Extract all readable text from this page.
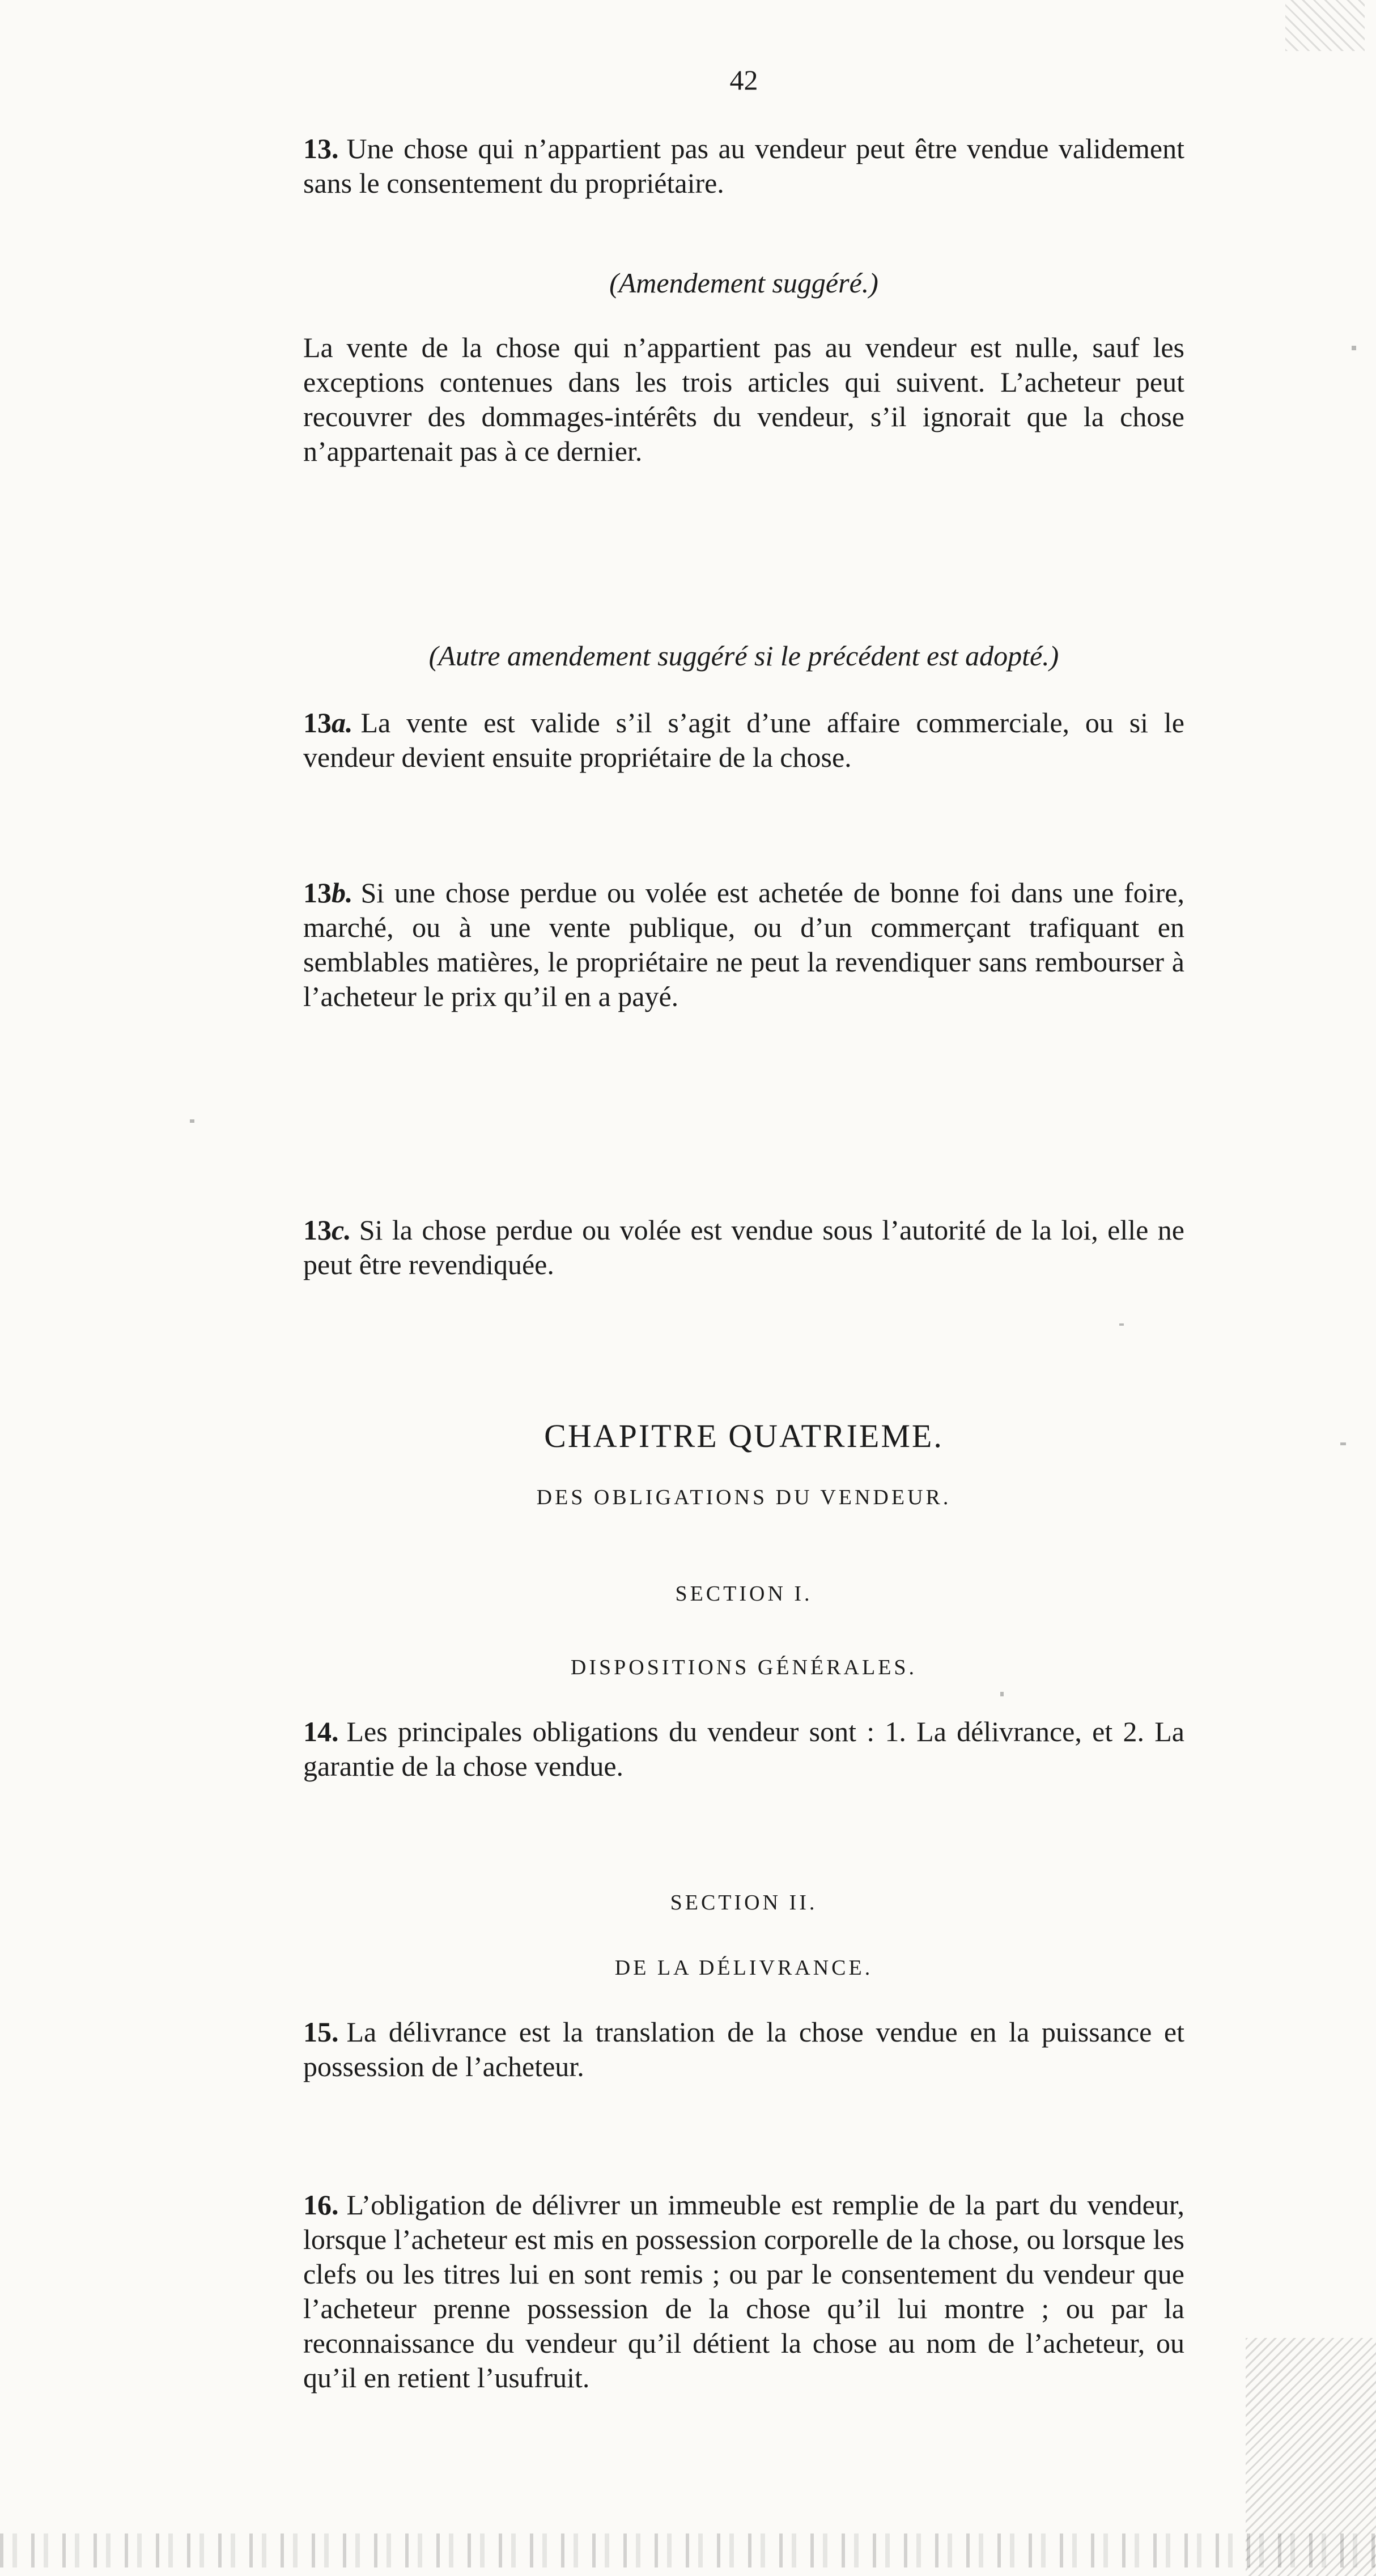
42

13. Une chose qui n’appartient pas au vendeur peut être vendue validement sans le consentement du propriétaire.

(Amendement suggéré.)

La vente de la chose qui n’appartient pas au vendeur est nulle, sauf les exceptions contenues dans les trois articles qui suivent. L’acheteur peut recouvrer des dommages-intérêts du vendeur, s’il ignorait que la chose n’appartenait pas à ce dernier.

(Autre amendement suggéré si le précédent est adopté.)

13a. La vente est valide s’il s’agit d’une affaire commerciale, ou si le vendeur devient ensuite propriétaire de la chose.

13b. Si une chose perdue ou volée est achetée de bonne foi dans une foire, marché, ou à une vente publique, ou d’un commerçant trafiquant en semblables matières, le propriétaire ne peut la revendiquer sans rembourser à l’acheteur le prix qu’il en a payé.

13c. Si la chose perdue ou volée est vendue sous l’autorité de la loi, elle ne peut être revendiquée.

CHAPITRE QUATRIEME.
DES OBLIGATIONS DU VENDEUR.
SECTION I.
DISPOSITIONS GÉNÉRALES.

14. Les principales obligations du vendeur sont : 1. La délivrance, et 2. La garantie de la chose vendue.

SECTION II.
DE LA DÉLIVRANCE.

15. La délivrance est la translation de la chose vendue en la puissance et possession de l’acheteur.

16. L’obligation de délivrer un immeuble est remplie de la part du vendeur, lorsque l’acheteur est mis en possession corporelle de la chose, ou lorsque les clefs ou les titres lui en sont remis ; ou par le consentement du vendeur que l’acheteur prenne possession de la chose qu’il lui montre ; ou par la reconnaissance du vendeur qu’il détient la chose au nom de l’acheteur, ou qu’il en retient l’usufruit.
